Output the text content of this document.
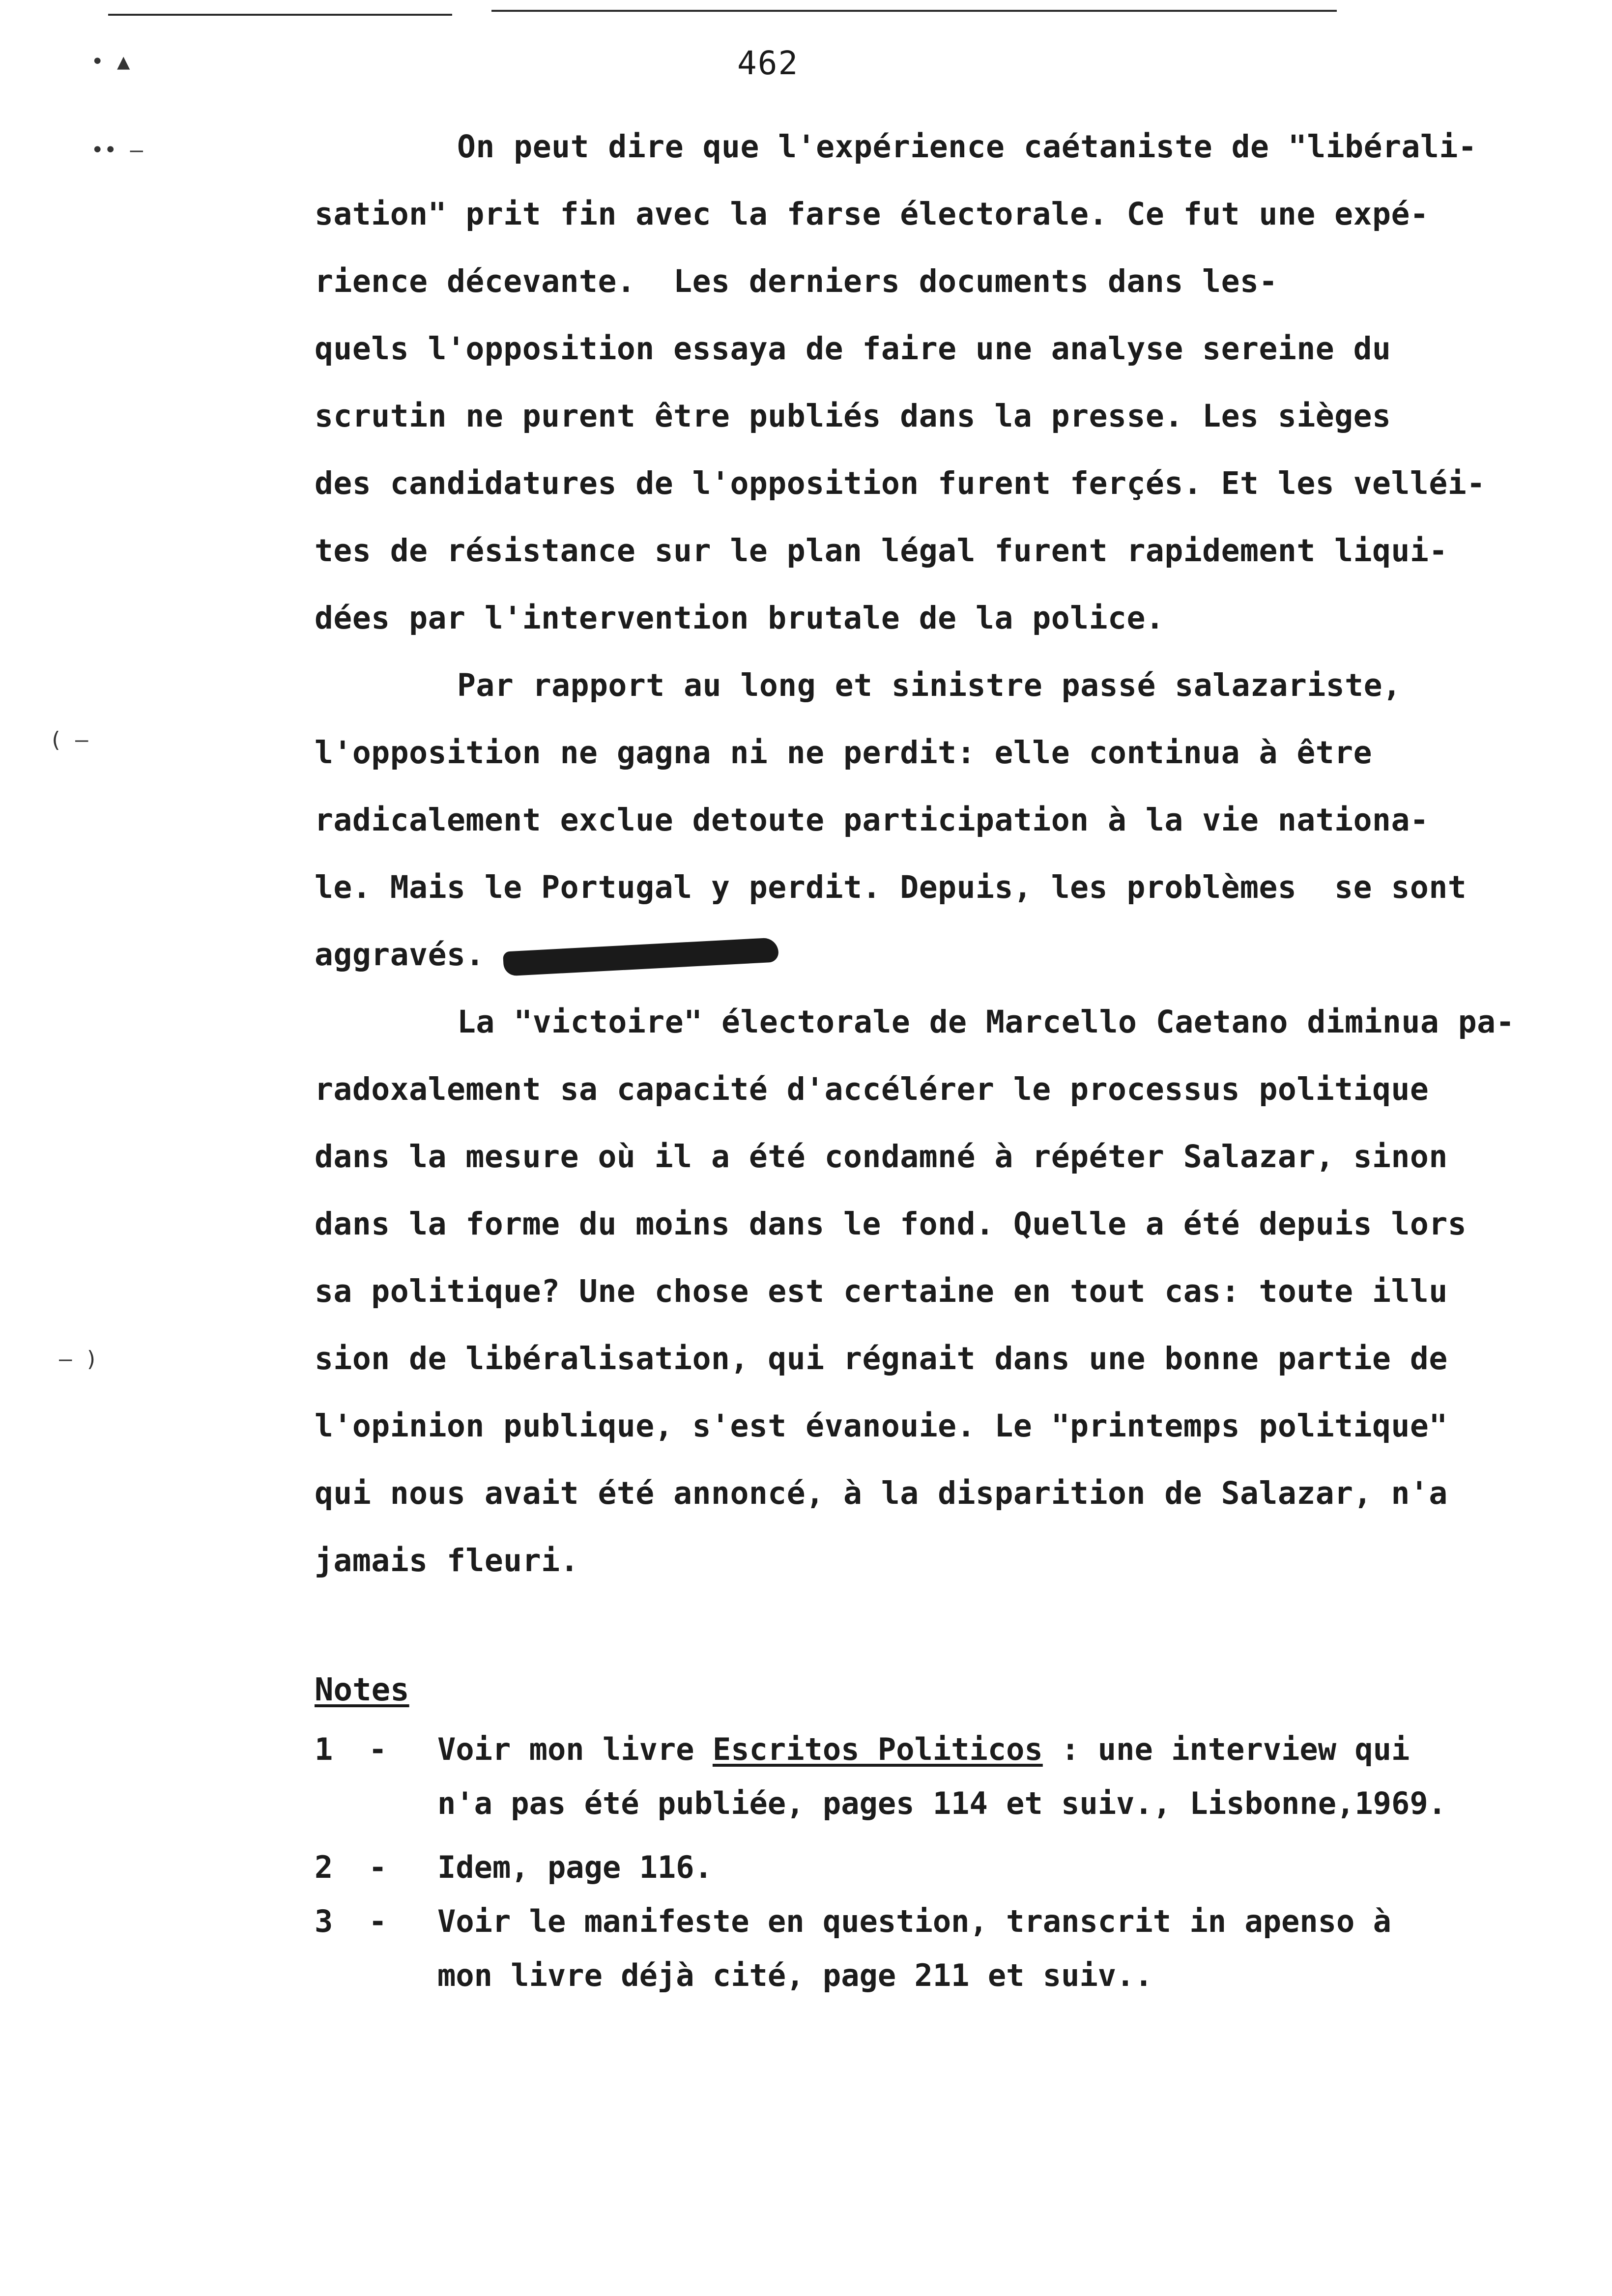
• ▲
•• ‒
( ―
― )
462
On peut dire que l'expérience caétaniste de "libérali-
sation" prit fin avec la farse électorale. Ce fut une expé-
rience décevante.  Les derniers documents dans les-
quels l'opposition essaya de faire une analyse sereine du
scrutin ne purent être publiés dans la presse. Les sièges
des candidatures de l'opposition furent ferçés. Et les velléi-
tes de résistance sur le plan légal furent rapidement liqui-
dées par l'intervention brutale de la police.
Par rapport au long et sinistre passé salazariste,
l'opposition ne gagna ni ne perdit: elle continua à être
radicalement exclue detoute participation à la vie nationa-
le. Mais le Portugal y perdit. Depuis, les problèmes  se sont
aggravés.
La "victoire" électorale de Marcello Caetano diminua pa-
radoxalement sa capacité d'accélérer le processus politique
dans la mesure où il a été condamné à répéter Salazar, sinon
dans la forme du moins dans le fond. Quelle a été depuis lors
sa politique? Une chose est certaine en tout cas: toute illu
sion de libéralisation, qui régnait dans une bonne partie de
l'opinion publique, s'est évanouie. Le "printemps politique"
qui nous avait été annoncé, à la disparition de Salazar, n'a
jamais fleuri.
Notes
1	-	Voir mon livre Escritos Politicos : une interview qui
n'a pas été publiée, pages 114 et suiv., Lisbonne,1969.
2	-	Idem, page 116.
3	-	Voir le manifeste en question, transcrit in apenso à
mon livre déjà cité, page 211 et suiv..
